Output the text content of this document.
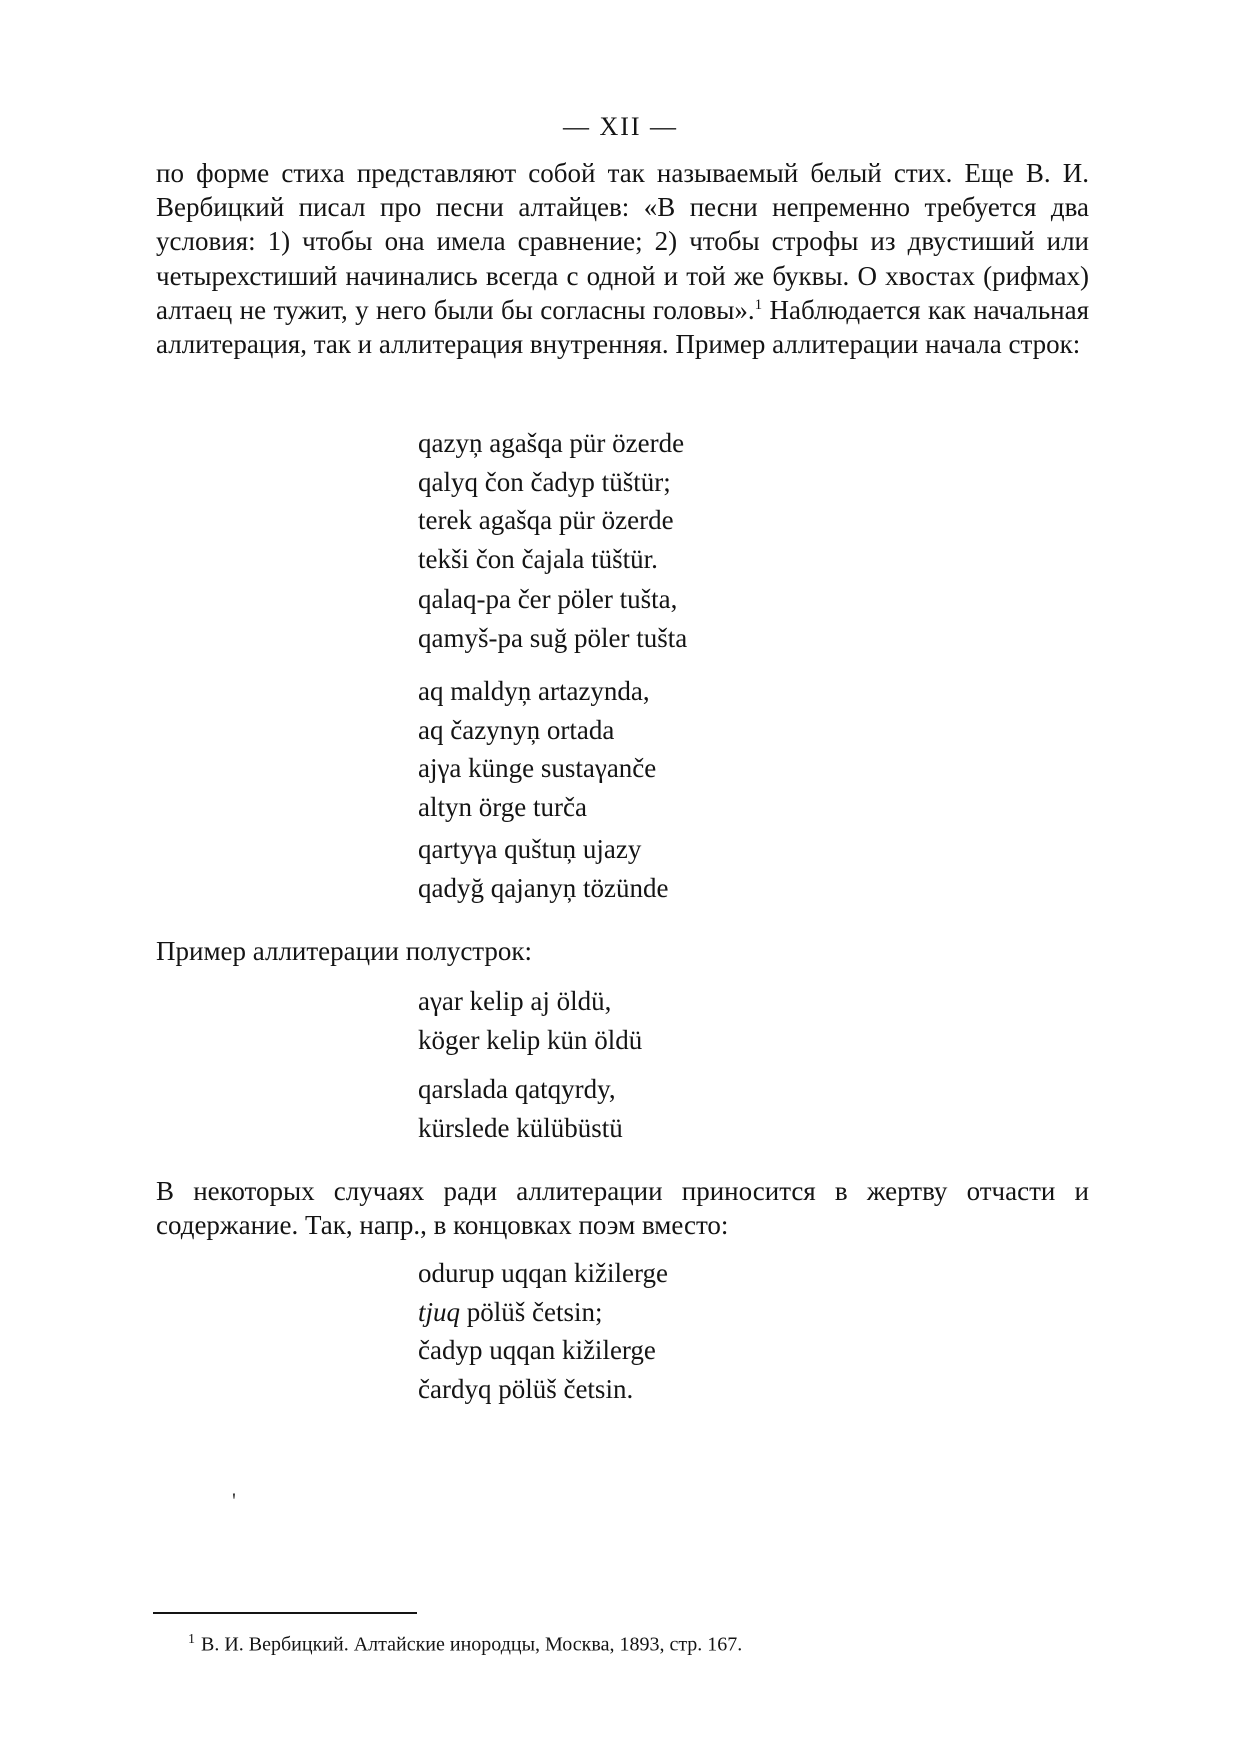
— XII —

по форме стиха представляют собой так называемый белый стих. Еще В. И. Вербицкий писал про песни алтайцев: «В песни непременно требуется два условия: 1) чтобы она имела сравнение; 2) чтобы строфы из двустиший или четырехстиший начинались всегда с одной и той же буквы. О хвостах (рифмах) алтаец не тужит, у него были бы согласны головы».$^1$ Наблюдается как начальная аллитерация, так и аллитерация внутренняя. Пример аллитерации начала строк:

qazyņ agašqa pür özerde
qalyq čon čadyp tüštür;
terek agašqa pür özerde
tekši čon čajala tüštür.
qalaq-pa čer pöler tušta,
qamyš-pa suğ pöler tušta
aq maldyņ artazynda,
aq čazynyņ ortada
ajγa künge sustaγanče
altyn örge turča
qartyγa quštuņ ujazy
qadyğ qajanyņ tözünde

Пример аллитерации полустрок:

aγar kelip aj öldü,
köger kelip kün öldü
qarslada qatqyrdy,
kürslede külübüstü

В некоторых случаях ради аллитерации приносится в жертву отчасти и содержание. Так, напр., в концовках поэм вместо:

odurup uqqan kižilerge
tjuq pölüš četsin;
čadyp uqqan kižilerge
čardyq pölüš četsin.
'
$^1$ В. И. Вербицкий. Алтайские инородцы, Москва, 1893, стр. 167.
